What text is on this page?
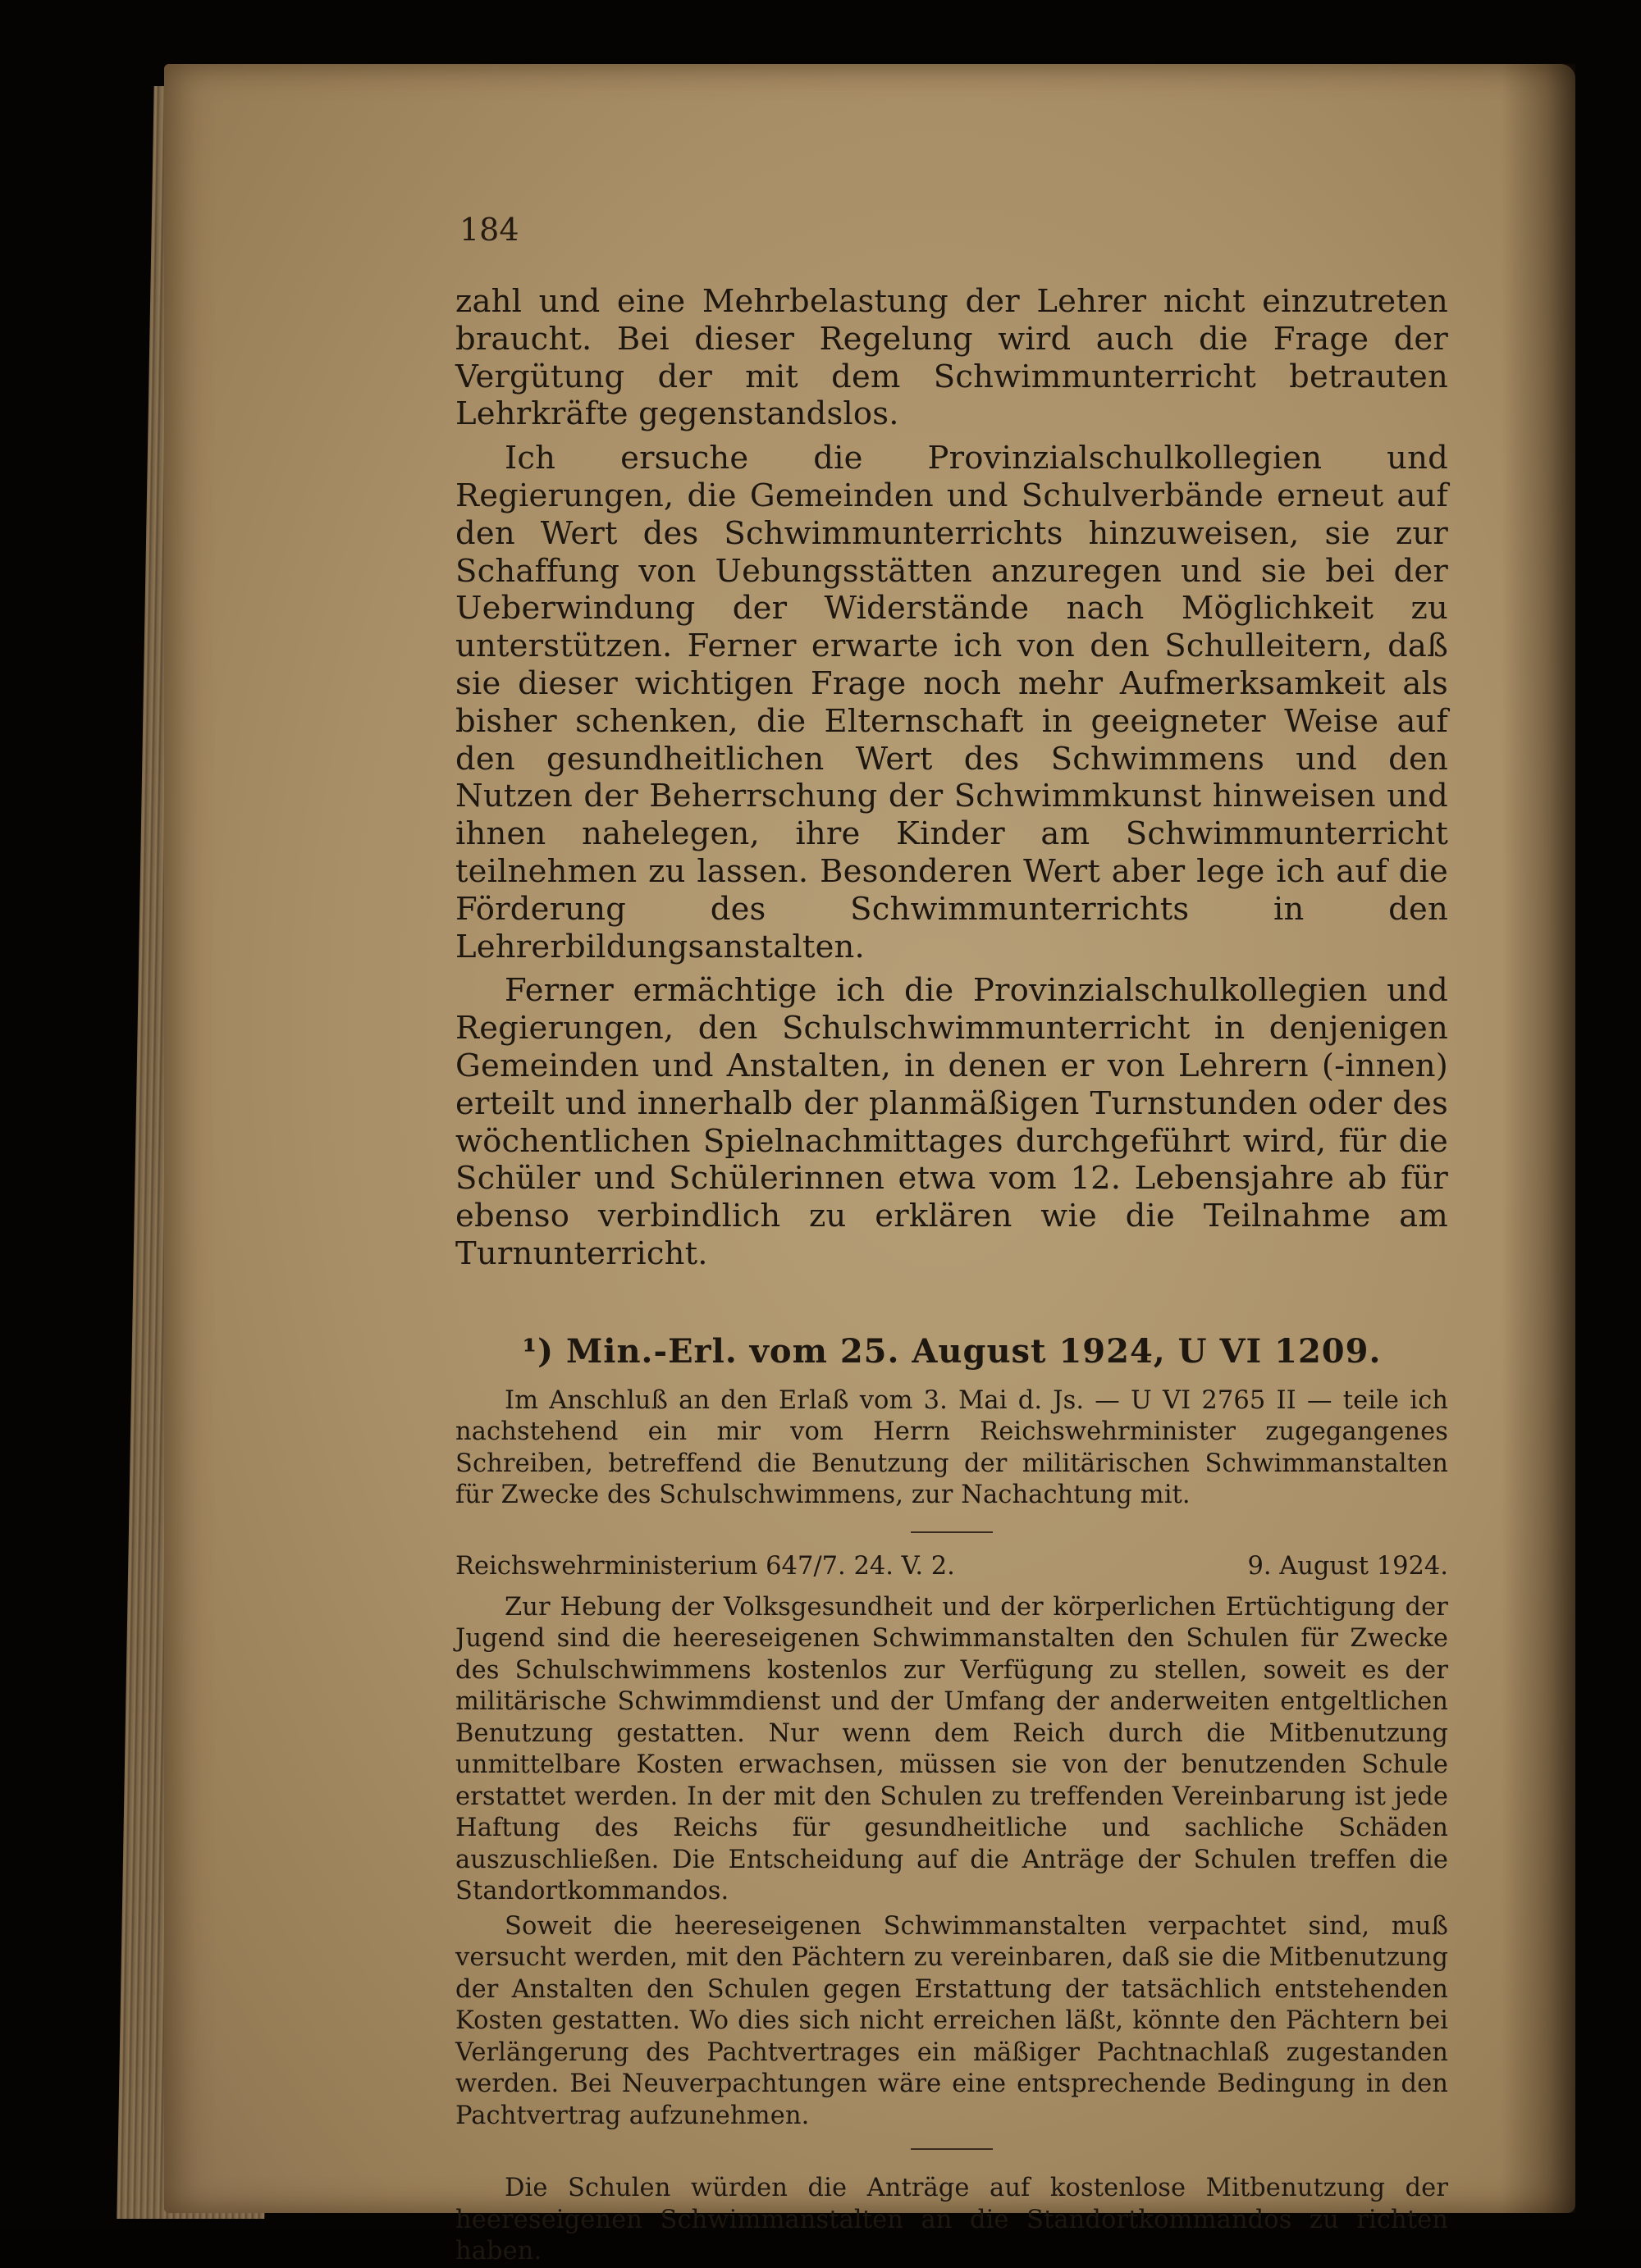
184

zahl und eine Mehrbelastung der Lehrer nicht einzutreten braucht. Bei dieser Regelung wird auch die Frage der Vergütung der mit dem Schwimmunterricht betrauten Lehrkräfte gegenstandslos.

Ich ersuche die Provinzialschulkollegien und Regierungen, die Gemeinden und Schulverbände erneut auf den Wert des Schwimmunterrichts hinzuweisen, sie zur Schaffung von Uebungsstätten anzuregen und sie bei der Ueberwindung der Widerstände nach Möglichkeit zu unterstützen. Ferner erwarte ich von den Schulleitern, daß sie dieser wichtigen Frage noch mehr Aufmerksamkeit als bisher schenken, die Elternschaft in geeigneter Weise auf den gesundheitlichen Wert des Schwimmens und den Nutzen der Beherrschung der Schwimmkunst hinweisen und ihnen nahelegen, ihre Kinder am Schwimmunterricht teilnehmen zu lassen. Besonderen Wert aber lege ich auf die Förderung des Schwimmunterrichts in den Lehrerbildungsanstalten.

Ferner ermächtige ich die Provinzialschulkollegien und Regierungen, den Schulschwimmunterricht in denjenigen Gemeinden und Anstalten, in denen er von Lehrern (-innen) erteilt und innerhalb der planmäßigen Turnstunden oder des wöchentlichen Spielnachmittages durchgeführt wird, für die Schüler und Schülerinnen etwa vom 12. Lebensjahre ab für ebenso verbindlich zu erklären wie die Teilnahme am Turnunterricht.

¹) Min.-Erl. vom 25. August 1924, U VI 1209.

Im Anschluß an den Erlaß vom 3. Mai d. Js. — U VI 2765 II — teile ich nachstehend ein mir vom Herrn Reichswehrminister zugegangenes Schreiben, betreffend die Benutzung der militärischen Schwimmanstalten für Zwecke des Schulschwimmens, zur Nachachtung mit.

Reichswehrministerium 647/7. 24. V. 2.	9. August 1924.

Zur Hebung der Volksgesundheit und der körperlichen Ertüchtigung der Jugend sind die heereseigenen Schwimmanstalten den Schulen für Zwecke des Schulschwimmens kostenlos zur Verfügung zu stellen, soweit es der militärische Schwimmdienst und der Umfang der anderweiten entgeltlichen Benutzung gestatten. Nur wenn dem Reich durch die Mitbenutzung unmittelbare Kosten erwachsen, müssen sie von der benutzenden Schule erstattet werden. In der mit den Schulen zu treffenden Vereinbarung ist jede Haftung des Reichs für gesundheitliche und sachliche Schäden auszuschließen. Die Entscheidung auf die Anträge der Schulen treffen die Standortkommandos.

Soweit die heereseigenen Schwimmanstalten verpachtet sind, muß versucht werden, mit den Pächtern zu vereinbaren, daß sie die Mitbenutzung der Anstalten den Schulen gegen Erstattung der tatsächlich entstehenden Kosten gestatten. Wo dies sich nicht erreichen läßt, könnte den Pächtern bei Verlängerung des Pachtvertrages ein mäßiger Pachtnachlaß zugestanden werden. Bei Neuverpachtungen wäre eine entsprechende Bedingung in den Pachtvertrag aufzunehmen.

Die Schulen würden die Anträge auf kostenlose Mitbenutzung der heereseigenen Schwimmanstalten an die Standortkommandos zu richten haben.
